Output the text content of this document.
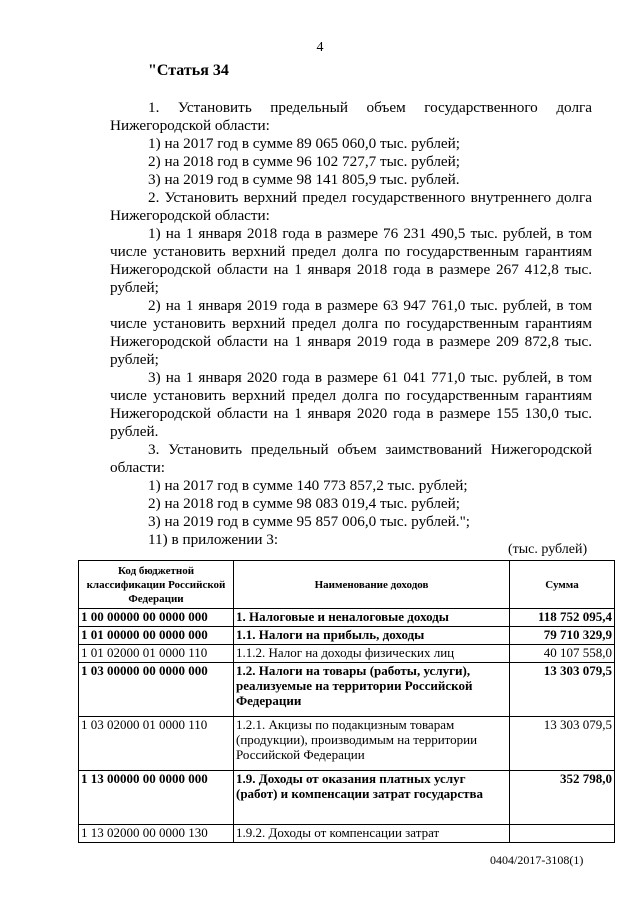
4
"Статья 34
1. Установить предельный объем государственного долга
Нижегородской области:
1) на 2017 год в сумме 89 065 060,0 тыс. рублей;
2) на 2018 год в сумме 96 102 727,7 тыс. рублей;
3) на 2019 год в сумме 98 141 805,9 тыс. рублей.
2. Установить верхний предел государственного внутреннего долга
Нижегородской области:
1) на 1 января 2018 года в размере 76 231 490,5 тыс. рублей, в том
числе установить верхний предел долга по государственным гарантиям
Нижегородской области на 1 января 2018 года в размере 267 412,8 тыс.
рублей;
2) на 1 января 2019 года в размере 63 947 761,0 тыс. рублей, в том
числе установить верхний предел долга по государственным гарантиям
Нижегородской области на 1 января 2019 года в размере 209 872,8 тыс.
рублей;
3) на 1 января 2020 года в размере 61 041 771,0 тыс. рублей, в том
числе установить верхний предел долга по государственным гарантиям
Нижегородской области на 1 января 2020 года в размере 155 130,0 тыс.
рублей.
3. Установить предельный объем заимствований Нижегородской
области:
1) на 2017 год в сумме 140 773 857,2 тыс. рублей;
2) на 2018 год в сумме 98 083 019,4 тыс. рублей;
3) на 2019 год в сумме 95 857 006,0 тыс. рублей.";
11) в приложении 3:
(тыс. рублей)
Код бюджетной классификации Российской Федерации	Наименование доходов	Сумма
1 00 00000 00 0000 000	1. Налоговые и неналоговые доходы	118 752 095,4
1 01 00000 00 0000 000	1.1. Налоги на прибыль, доходы	79 710 329,9
1 01 02000 01 0000 110	1.1.2. Налог на доходы физических лиц	40 107 558,0
1 03 00000 00 0000 000	1.2. Налоги на товары (работы, услуги), реализуемые на территории Российской Федерации	13 303 079,5
1 03 02000 01 0000 110	1.2.1. Акцизы по подакцизным товарам (продукции), производимым на территории Российской Федерации	13 303 079,5
1 13 00000 00 0000 000	1.9. Доходы от оказания платных услуг (работ) и компенсации затрат государства	352 798,0
1 13 02000 00 0000 130	1.9.2. Доходы от компенсации затрат	
0404/2017-3108(1)
